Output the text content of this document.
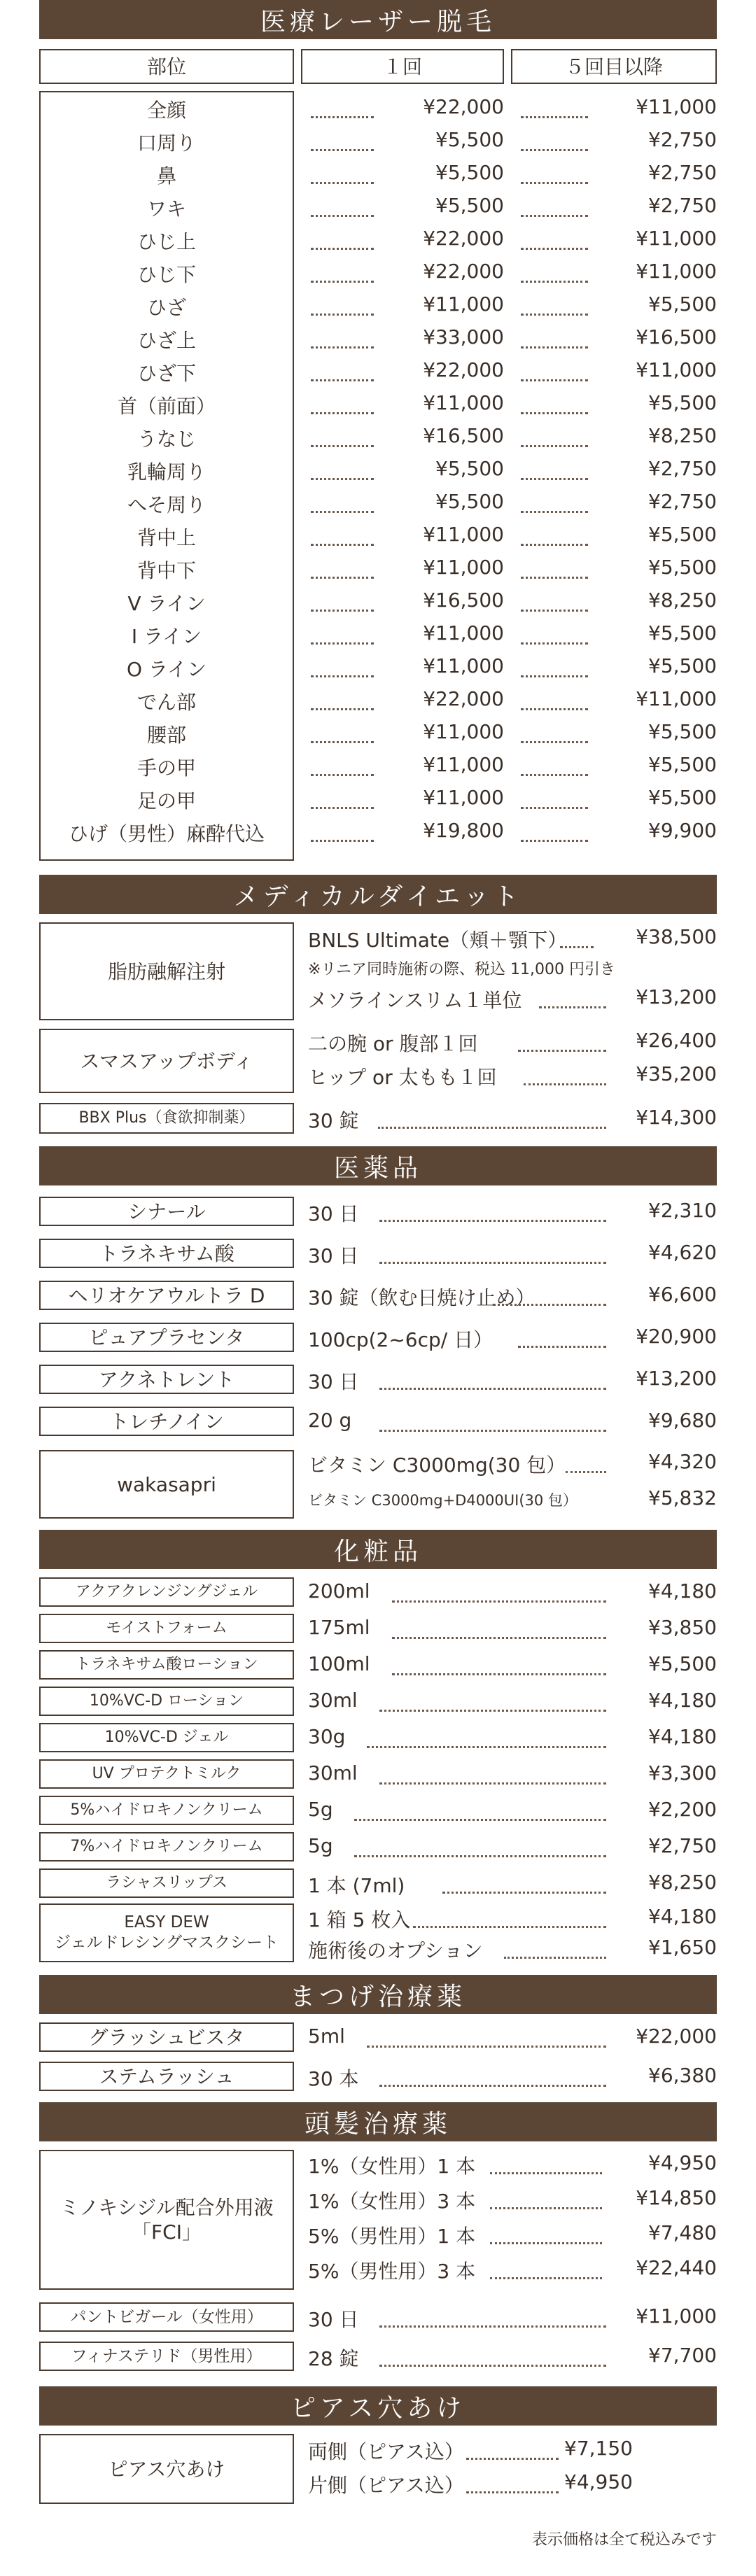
医療レーザー脱毛
部位	１回	５回目以降
全顔	¥22,000	¥11,000
口周り	¥5,500	¥2,750
鼻	¥5,500	¥2,750
ワキ	¥5,500	¥2,750
ひじ上	¥22,000	¥11,000
ひじ下	¥22,000	¥11,000
ひざ	¥11,000	¥5,500
ひざ上	¥33,000	¥16,500
ひざ下	¥22,000	¥11,000
首（前面）	¥11,000	¥5,500
うなじ	¥16,500	¥8,250
乳輪周り	¥5,500	¥2,750
へそ周り	¥5,500	¥2,750
背中上	¥11,000	¥5,500
背中下	¥11,000	¥5,500
V ライン	¥16,500	¥8,250
I ライン	¥11,000	¥5,500
O ライン	¥11,000	¥5,500
でん部	¥22,000	¥11,000
腰部	¥11,000	¥5,500
手の甲	¥11,000	¥5,500
足の甲	¥11,000	¥5,500
ひげ（男性）麻酔代込	¥19,800	¥9,900
メディカルダイエット
脂肪融解注射
BNLS Ultimate（頬＋顎下）	¥38,500
※リニア同時施術の際、税込 11,000 円引き
メソラインスリム１単位	¥13,200
スマスアップボディ
二の腕 or 腹部１回	¥26,400
ヒップ or 太もも１回	¥35,200
BBX Plus（食欲抑制薬）	30 錠	¥14,300
医薬品
シナール	30 日	¥2,310
トラネキサム酸	30 日	¥4,620
ヘリオケアウルトラ D	30 錠（飲む日焼け止め）	¥6,600
ピュアプラセンタ	100cp(2~6cp/ 日）	¥20,900
アクネトレント	30 日	¥13,200
トレチノイン	20 g	¥9,680
wakasapri
ビタミン C3000mg(30 包）	¥4,320
ビタミン C3000mg+D4000UI(30 包）	¥5,832
化粧品
アクアクレンジングジェル	200ml	¥4,180
モイストフォーム	175ml	¥3,850
トラネキサム酸ローション	100ml	¥5,500
10%VC-D ローション	30ml	¥4,180
10%VC-D ジェル	30g	¥4,180
UV プロテクトミルク	30ml	¥3,300
5%ハイドロキノンクリーム	5g	¥2,200
7%ハイドロキノンクリーム	5g	¥2,750
ラシャスリップス	1 本 (7ml)	¥8,250
EASY DEW
ジェルドレシングマスクシート
1 箱 5 枚入	¥4,180
施術後のオプション	¥1,650
まつげ治療薬
グラッシュビスタ	5ml	¥22,000
ステムラッシュ	30 本	¥6,380
頭髪治療薬
ミノキシジル配合外用液
「FCI」
1%（女性用）1 本	¥4,950
1%（女性用）3 本	¥14,850
5%（男性用）1 本	¥7,480
5%（男性用）3 本	¥22,440
パントビガール（女性用）	30 日	¥11,000
フィナステリド（男性用）	28 錠	¥7,700
ピアス穴あけ
ピアス穴あけ
両側（ピアス込）	¥7,150
片側（ピアス込）	¥4,950
表示価格は全て税込みです
